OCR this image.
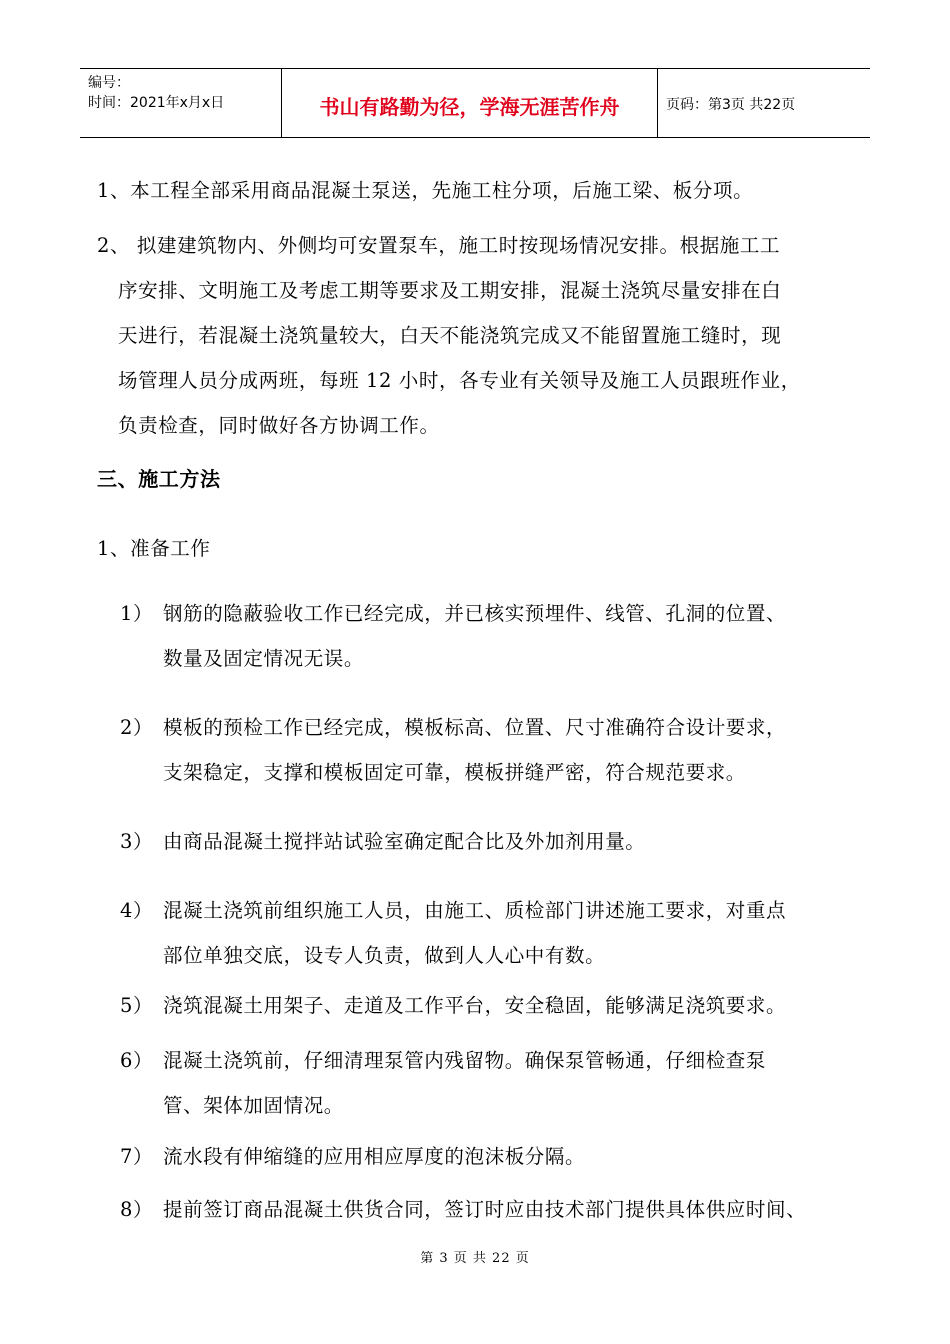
编号：
时间：2021年x月x日	书山有路勤为径，学海无涯苦作舟	页码：第3页 共22页
1、本工程全部采用商品混凝土泵送，先施工柱分项，后施工梁、板分项。
2、 拟建建筑物内、外侧均可安置泵车，施工时按现场情况安排。根据施工工
序安排、文明施工及考虑工期等要求及工期安排，混凝土浇筑尽量安排在白
天进行，若混凝土浇筑量较大，白天不能浇筑完成又不能留置施工缝时，现
场管理人员分成两班，每班 12 小时，各专业有关领导及施工人员跟班作业，
负责检查，同时做好各方协调工作。
三、施工方法
1、准备工作
1） 钢筋的隐蔽验收工作已经完成，并已核实预埋件、线管、孔洞的位置、
数量及固定情况无误。
2） 模板的预检工作已经完成，模板标高、位置、尺寸准确符合设计要求，
支架稳定，支撑和模板固定可靠，模板拼缝严密，符合规范要求。
3） 由商品混凝土搅拌站试验室确定配合比及外加剂用量。
4） 混凝土浇筑前组织施工人员，由施工、质检部门讲述施工要求，对重点
部位单独交底，设专人负责，做到人人心中有数。
5） 浇筑混凝土用架子、走道及工作平台，安全稳固，能够满足浇筑要求。
6） 混凝土浇筑前，仔细清理泵管内残留物。确保泵管畅通，仔细检查泵
管、架体加固情况。
7） 流水段有伸缩缝的应用相应厚度的泡沫板分隔。
8） 提前签订商品混凝土供货合同，签订时应由技术部门提供具体供应时间、
第 3 页 共 22 页
